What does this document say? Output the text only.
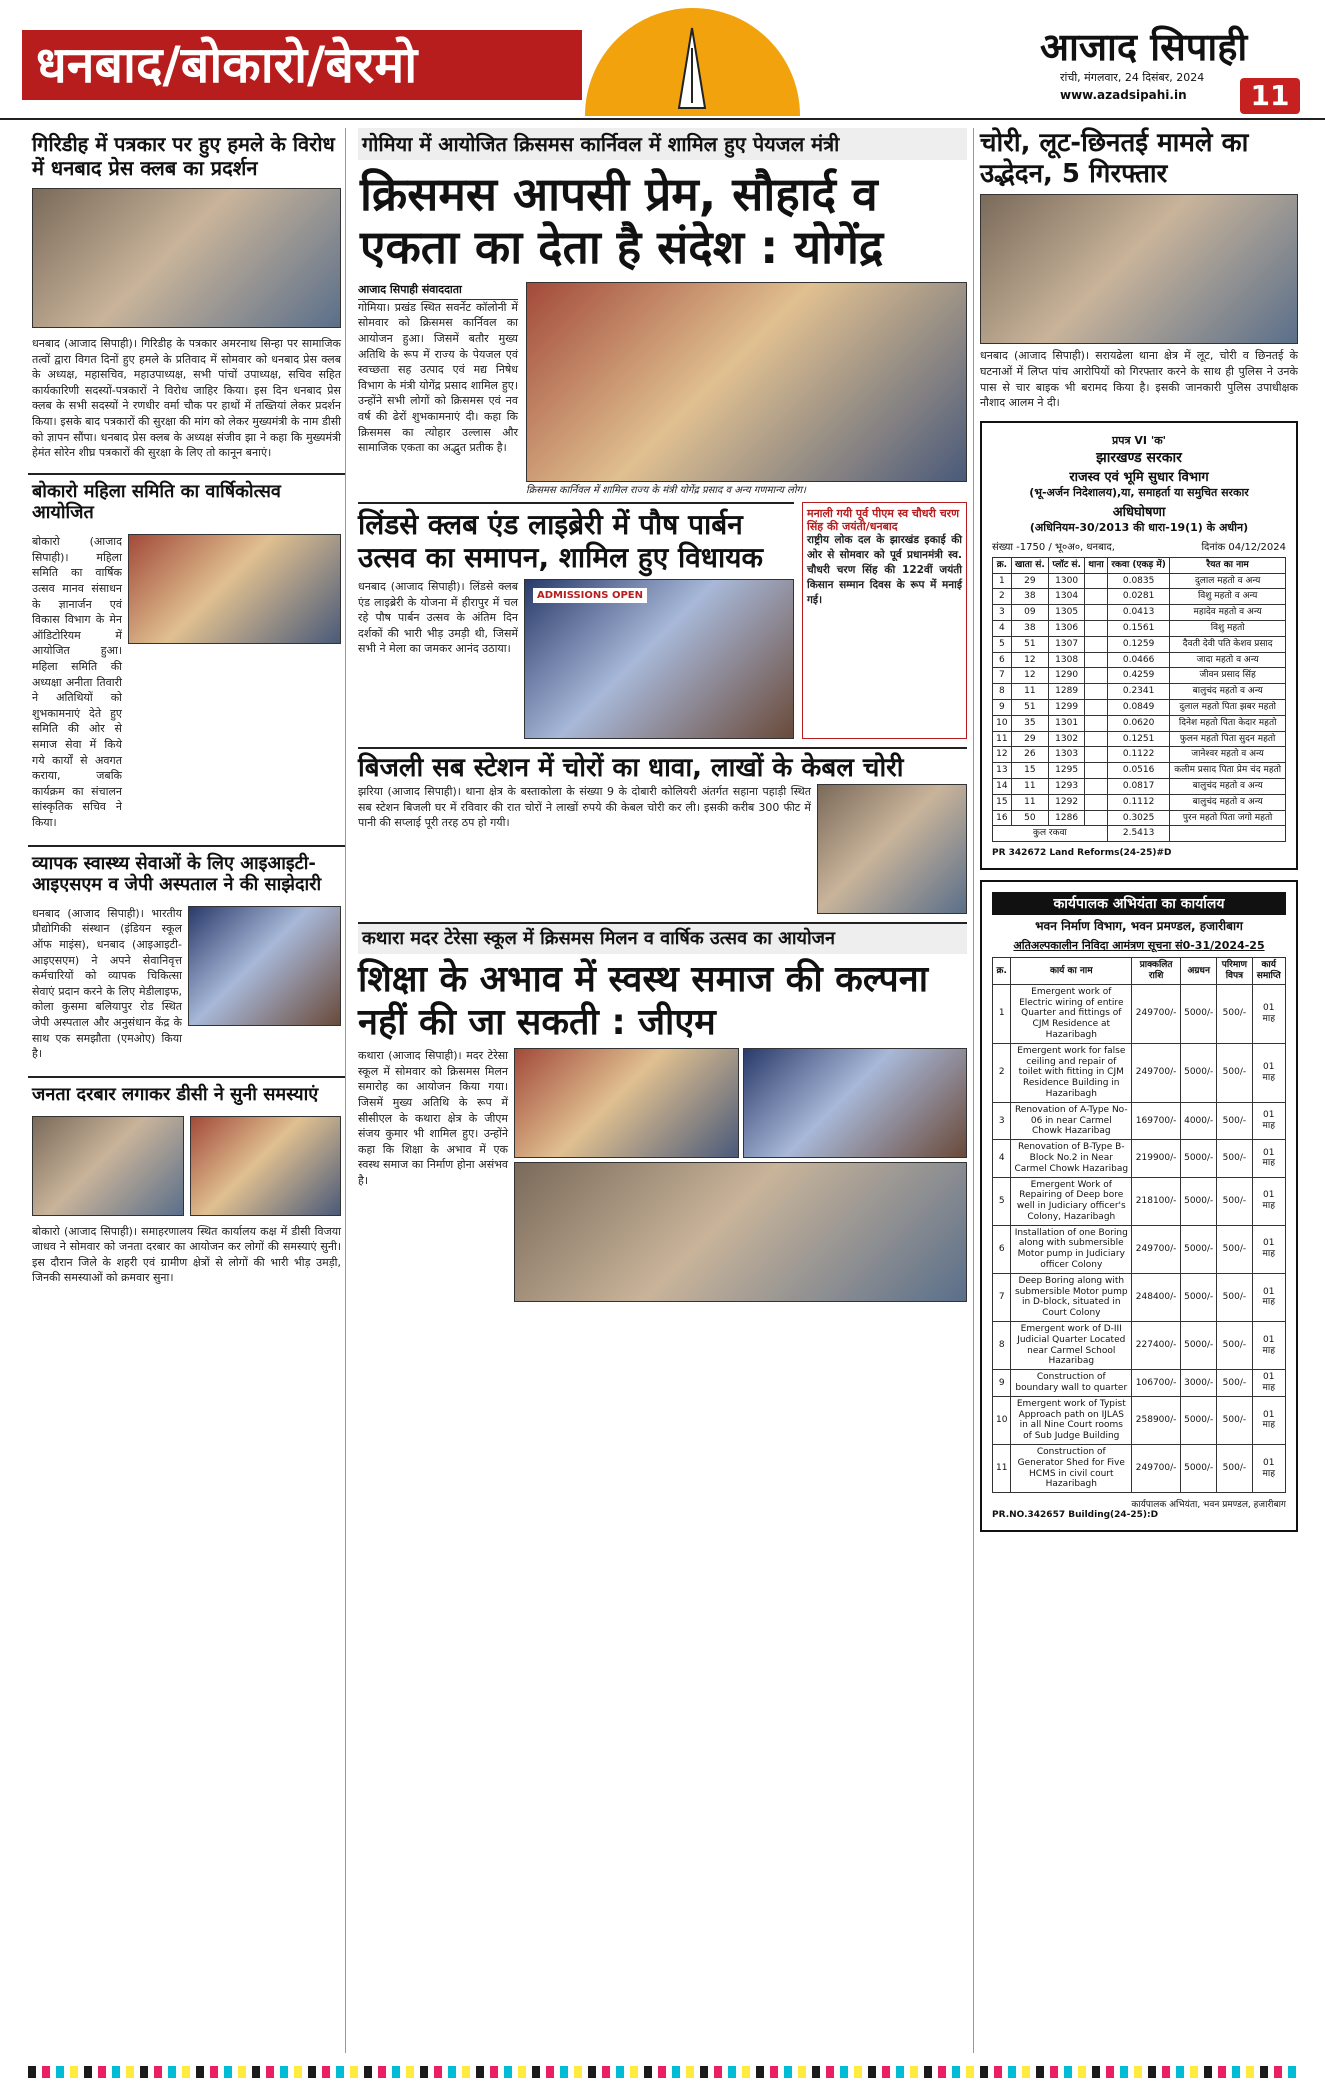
धनबाद/बोकारो/बेरमो	आजाद सिपाही
रांची, मंगलवार, 24 दिसंबर, 2024
www.azadsipahi.in	11
गिरिडीह में पत्रकार पर हुए हमले के विरोध में धनबाद प्रेस क्लब का प्रदर्शन
धनबाद (आजाद सिपाही)। गिरिडीह के पत्रकार अमरनाथ सिन्हा पर सामाजिक तत्वों द्वारा विगत दिनों हुए हमले के प्रतिवाद में सोमवार को धनबाद प्रेस क्लब के अध्यक्ष, महासचिव, महाउपाध्यक्ष, सभी पांचों उपाध्यक्ष, सचिव सहित कार्यकारिणी सदस्यों-पत्रकारों ने विरोध जाहिर किया। इस दिन धनबाद प्रेस क्लब के सभी सदस्यों ने रणधीर वर्मा चौक पर हाथों में तख्तियां लेकर प्रदर्शन किया। इसके बाद पत्रकारों की सुरक्षा की मांग को लेकर मुख्यमंत्री के नाम डीसी को ज्ञापन सौंपा। धनबाद प्रेस क्लब के अध्यक्ष संजीव झा ने कहा कि मुख्यमंत्री हेमंत सोरेन शीघ्र पत्रकारों की सुरक्षा के लिए तो कानून बनाएं।
बोकारो महिला समिति का वार्षिकोत्सव आयोजित
बोकारो (आजाद सिपाही)। महिला समिति का वार्षिक उत्सव मानव संसाधन के ज्ञानार्जन एवं विकास विभाग के मेन ऑडिटोरियम में आयोजित हुआ। महिला समिति की अध्यक्षा अनीता तिवारी ने अतिथियों को शुभकामनाएं देते हुए समिति की ओर से समाज सेवा में किये गये कार्यों से अवगत कराया, जबकि कार्यक्रम का संचालन सांस्कृतिक सचिव ने किया।
व्यापक स्वास्थ्य सेवाओं के लिए आइआइटी-आइएसएम व जेपी अस्पताल ने की साझेदारी
धनबाद (आजाद सिपाही)। भारतीय प्रौद्योगिकी संस्थान (इंडियन स्कूल ऑफ माइंस), धनबाद (आइआइटी-आइएसएम) ने अपने सेवानिवृत्त कर्मचारियों को व्यापक चिकित्सा सेवाएं प्रदान करने के लिए मेडीलाइफ, कोला कुसमा बलियापुर रोड स्थित जेपी अस्पताल और अनुसंधान केंद्र के साथ एक समझौता (एमओए) किया है।
जनता दरबार लगाकर डीसी ने सुनी समस्याएं
बोकारो (आजाद सिपाही)। समाहरणालय स्थित कार्यालय कक्ष में डीसी विजया जाधव ने सोमवार को जनता दरबार का आयोजन कर लोगों की समस्याएं सुनी। इस दौरान जिले के शहरी एवं ग्रामीण क्षेत्रों से लोगों की भारी भीड़ उमड़ी, जिनकी समस्याओं को क्रमवार सुना।
गोमिया में आयोजित क्रिसमस कार्निवल में शामिल हुए पेयजल मंत्री
क्रिसमस आपसी प्रेम, सौहार्द व एकता का देता है संदेश : योगेंद्र
आजाद सिपाही संवाददाता
गोमिया। प्रखंड स्थित सवर्नेट कॉलोनी में सोमवार को क्रिसमस कार्निवल का आयोजन हुआ। जिसमें बतौर मुख्य अतिथि के रूप में राज्य के पेयजल एवं स्वच्छता सह उत्पाद एवं मद्य निषेध विभाग के मंत्री योगेंद्र प्रसाद शामिल हुए। उन्होंने सभी लोगों को क्रिसमस एवं नव वर्ष की ढेरों शुभकामनाएं दी। कहा कि क्रिसमस का त्योहार उल्लास और सामाजिक एकता का अद्भुत प्रतीक है।
क्रिसमस कार्निवल में शामिल राज्य के मंत्री योगेंद्र प्रसाद व अन्य गणमान्य लोग।
लिंडसे क्लब एंड लाइब्रेरी में पौष पार्बन उत्सव का समापन, शामिल हुए विधायक
धनबाद (आजाद सिपाही)। लिंडसे क्लब एंड लाइब्रेरी के योजना में हीरापुर में चल रहे पौष पार्बन उत्सव के अंतिम दिन दर्शकों की भारी भीड़ उमड़ी थी, जिसमें सभी ने मेला का जमकर आनंद उठाया।
ADMISSIONS OPEN
मनाली गयी पूर्व पीएम स्व चौधरी चरण सिंह की जयंती/धनबाद
राष्ट्रीय लोक दल के झारखंड इकाई की ओर से सोमवार को पूर्व प्रधानमंत्री स्व. चौधरी चरण सिंह की 122वीं जयंती किसान सम्मान दिवस के रूप में मनाई गई।
बिजली सब स्टेशन में चोरों का धावा, लाखों के केबल चोरी
झरिया (आजाद सिपाही)। थाना क्षेत्र के बस्ताकोला के संख्या 9 के दोबारी कोलियरी अंतर्गत सहाना पहाड़ी स्थित सब स्टेशन बिजली घर में रविवार की रात चोरों ने लाखों रुपये की केबल चोरी कर ली। इसकी करीब 300 फीट में पानी की सप्लाई पूरी तरह ठप हो गयी।
कथारा मदर टेरेसा स्कूल में क्रिसमस मिलन व वार्षिक उत्सव का आयोजन
शिक्षा के अभाव में स्वस्थ समाज की कल्पना नहीं की जा सकती : जीएम
कथारा (आजाद सिपाही)। मदर टेरेसा स्कूल में सोमवार को क्रिसमस मिलन समारोह का आयोजन किया गया। जिसमें मुख्य अतिथि के रूप में सीसीएल के कथारा क्षेत्र के जीएम संजय कुमार भी शामिल हुए। उन्होंने कहा कि शिक्षा के अभाव में एक स्वस्थ समाज का निर्माण होना असंभव है।
चोरी, लूट-छिनतई मामले का उद्भेदन, 5 गिरफ्तार
धनबाद (आजाद सिपाही)। सरायढेला थाना क्षेत्र में लूट, चोरी व छिनतई के घटनाओं में लिप्त पांच आरोपियों को गिरफ्तार करने के साथ ही पुलिस ने उनके पास से चार बाइक भी बरामद किया है। इसकी जानकारी पुलिस उपाधीक्षक नौशाद आलम ने दी।
प्रपत्र VI 'क'
झारखण्ड सरकार
राजस्व एवं भूमि सुधार विभाग
(भू-अर्जन निदेशालय),या, समाहर्ता या समुचित सरकार
अधिघोषणा
(अधिनियम-30/2013 की धारा-19(1) के अधीन)
संख्या -1750 / भू०अ०, धनबाद,	दिनांक 04/12/2024
क्र.	खाता सं.	प्लॉट सं.	थाना	रकवा (एकड़ में)	रैयत का नाम
1	29	1300		0.0835	दुलाल महतो व अन्य
2	38	1304		0.0281	विशु महतो व अन्य
3	09	1305		0.0413	महादेव महतो व अन्य
4	38	1306		0.1561	विशु महतो
5	51	1307		0.1259	दैवती देवी पति केशव प्रसाद
6	12	1308		0.0466	जादा महतो व अन्य
7	12	1290		0.4259	जीवन प्रसाद सिंह
8	11	1289		0.2341	बालुचंद महतो व अन्य
9	51	1299		0.0849	दुलाल महतो पिता झबर महतो
10	35	1301		0.0620	दिनेश महतो पिता केदार महतो
11	29	1302		0.1251	फुलन महतो पिता सुदन महतो
12	26	1303		0.1122	जानेश्वर महतो व अन्य
13	15	1295		0.0516	कलीम प्रसाद पिता प्रेम चंद महतो
14	11	1293		0.0817	बालुचंद महतो व अन्य
15	11	1292		0.1112	बालुचंद महतो व अन्य
16	50	1286		0.3025	पुरन महतो पिता जगो महतो
कुल रकवा				2.5413	
PR 342672 Land Reforms(24-25)#D
कार्यपालक अभियंता का कार्यालय
भवन निर्माण विभाग, भवन प्रमण्डल, हजारीबाग
अतिअल्पकालीन निविदा आमंत्रण सूचना सं0-31/2024-25
क्र.	कार्य का नाम	प्राक्कलित राशि	अग्रधन	परिमाण विपत्र	कार्य समाप्ति
1	Emergent work of Electric wiring of entire Quarter and fittings of CJM Residence at Hazaribagh	249700/-	5000/-	500/-	01 माह
2	Emergent work for false ceiling and repair of toilet with fitting in CJM Residence Building in Hazaribagh	249700/-	5000/-	500/-	01 माह
3	Renovation of A-Type No-06 in near Carmel Chowk Hazaribag	169700/-	4000/-	500/-	01 माह
4	Renovation of B-Type B-Block No.2 in Near Carmel Chowk Hazaribag	219900/-	5000/-	500/-	01 माह
5	Emergent Work of Repairing of Deep bore well in Judiciary officer's Colony, Hazaribagh	218100/-	5000/-	500/-	01 माह
6	Installation of one Boring along with submersible Motor pump in Judiciary officer Colony	249700/-	5000/-	500/-	01 माह
7	Deep Boring along with submersible Motor pump in D-block, situated in Court Colony	248400/-	5000/-	500/-	01 माह
8	Emergent work of D-III Judicial Quarter Located near Carmel School Hazaribag	227400/-	5000/-	500/-	01 माह
9	Construction of boundary wall to quarter	106700/-	3000/-	500/-	01 माह
10	Emergent work of Typist Approach path on IJLAS in all Nine Court rooms of Sub Judge Building	258900/-	5000/-	500/-	01 माह
11	Construction of Generator Shed for Five HCMS in civil court Hazaribagh	249700/-	5000/-	500/-	01 माह
कार्यपालक अभियंता, भवन प्रमण्डल, हजारीबाग
PR.NO.342657 Building(24-25):D
